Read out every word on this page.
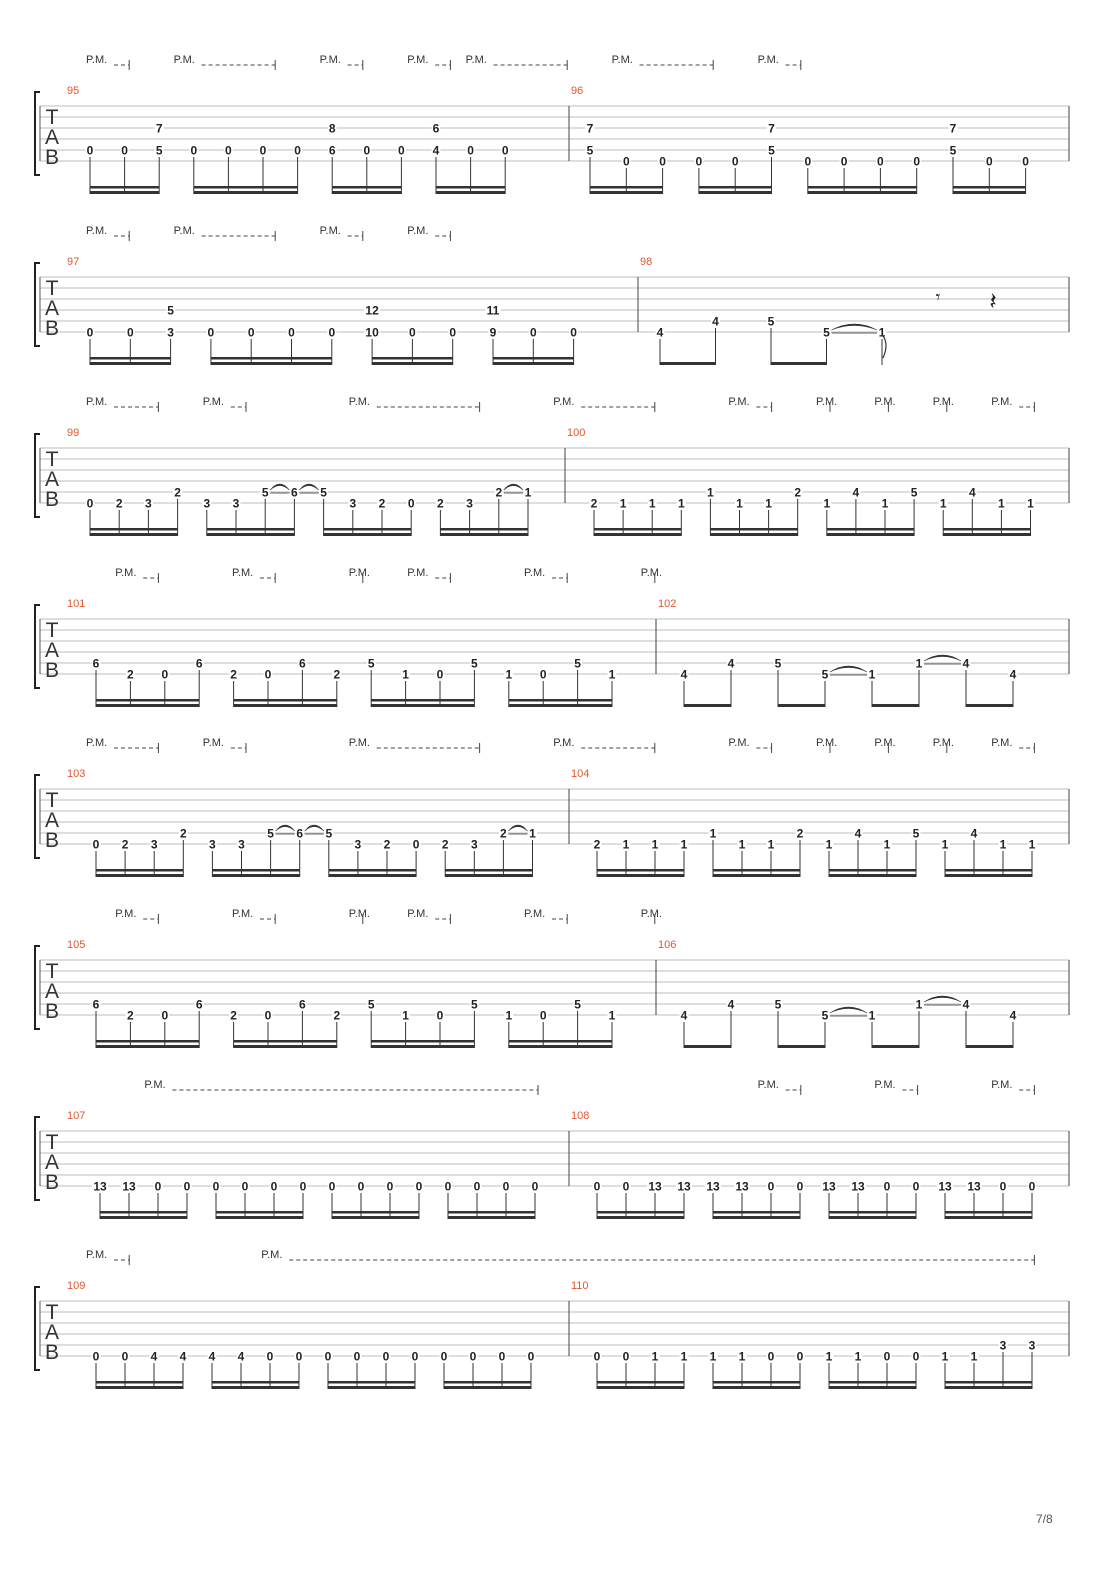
T
A
B
95
0 0
7
5 0 0 0 0
8
6 0 0
6
4 0 0
96
7
5
0 0 0 0
7
5
0 0 0 0
7
5
0 0
P.M.	P.M.	P.M.	P.M.	P.M.	P.M.	P.M.
T
A
B
97
0	0
5
3	0	0	0	0
12
10	0	0
11
9	0	0
98
4
4	5
5	1
𝄾 𝄽
P.M.	P.M.	P.M.	P.M.
T
A
B
99
0 2 3
2
3 3
5 6 5
3 2 0 2 3
2 1
100
2 1 1 1
1
1 1
2
1
4
1
5
1
4
1 1
P.M.	P.M.	P.M.	P.M.	P.M.	P.M.	P.M.	P.M.	P.M.
T
A
B
101
6
2 0
6
2 0
6
2
5
1 0
5
1 0
5
1
102
4
4	5
5	1
1	4
4
P.M.	P.M.	P.M.	P.M.	P.M.	P.M.
T
A
B
103
0 2 3
2
3 3
5 6 5
3 2 0 2 3
2 1
104
2 1 1 1
1
1 1
2
1
4
1
5
1
4
1 1
P.M.	P.M.	P.M.	P.M.	P.M.	P.M.	P.M.	P.M.	P.M.
T
A
B
105
6
2 0
6
2 0
6
2
5
1 0
5
1 0
5
1
106
4
4	5
5	1
1	4
4
P.M.	P.M.	P.M.	P.M.	P.M.	P.M.
T
A
B
107
13 13 0 0 0 0 0 0 0 0 0 0 0 0 0 0
108
0 0 13 13 13 13 0 0 13 13 0 0 13 13 0 0
P.M.	P.M.	P.M.	P.M.
T
A
B
109
0 0 4 4 4 4 0 0 0 0 0 0 0 0 0 0
110
0 0 1 1 1 1 0 0 1 1 0 0 1 1
3 3
P.M.	P.M.
7/8
